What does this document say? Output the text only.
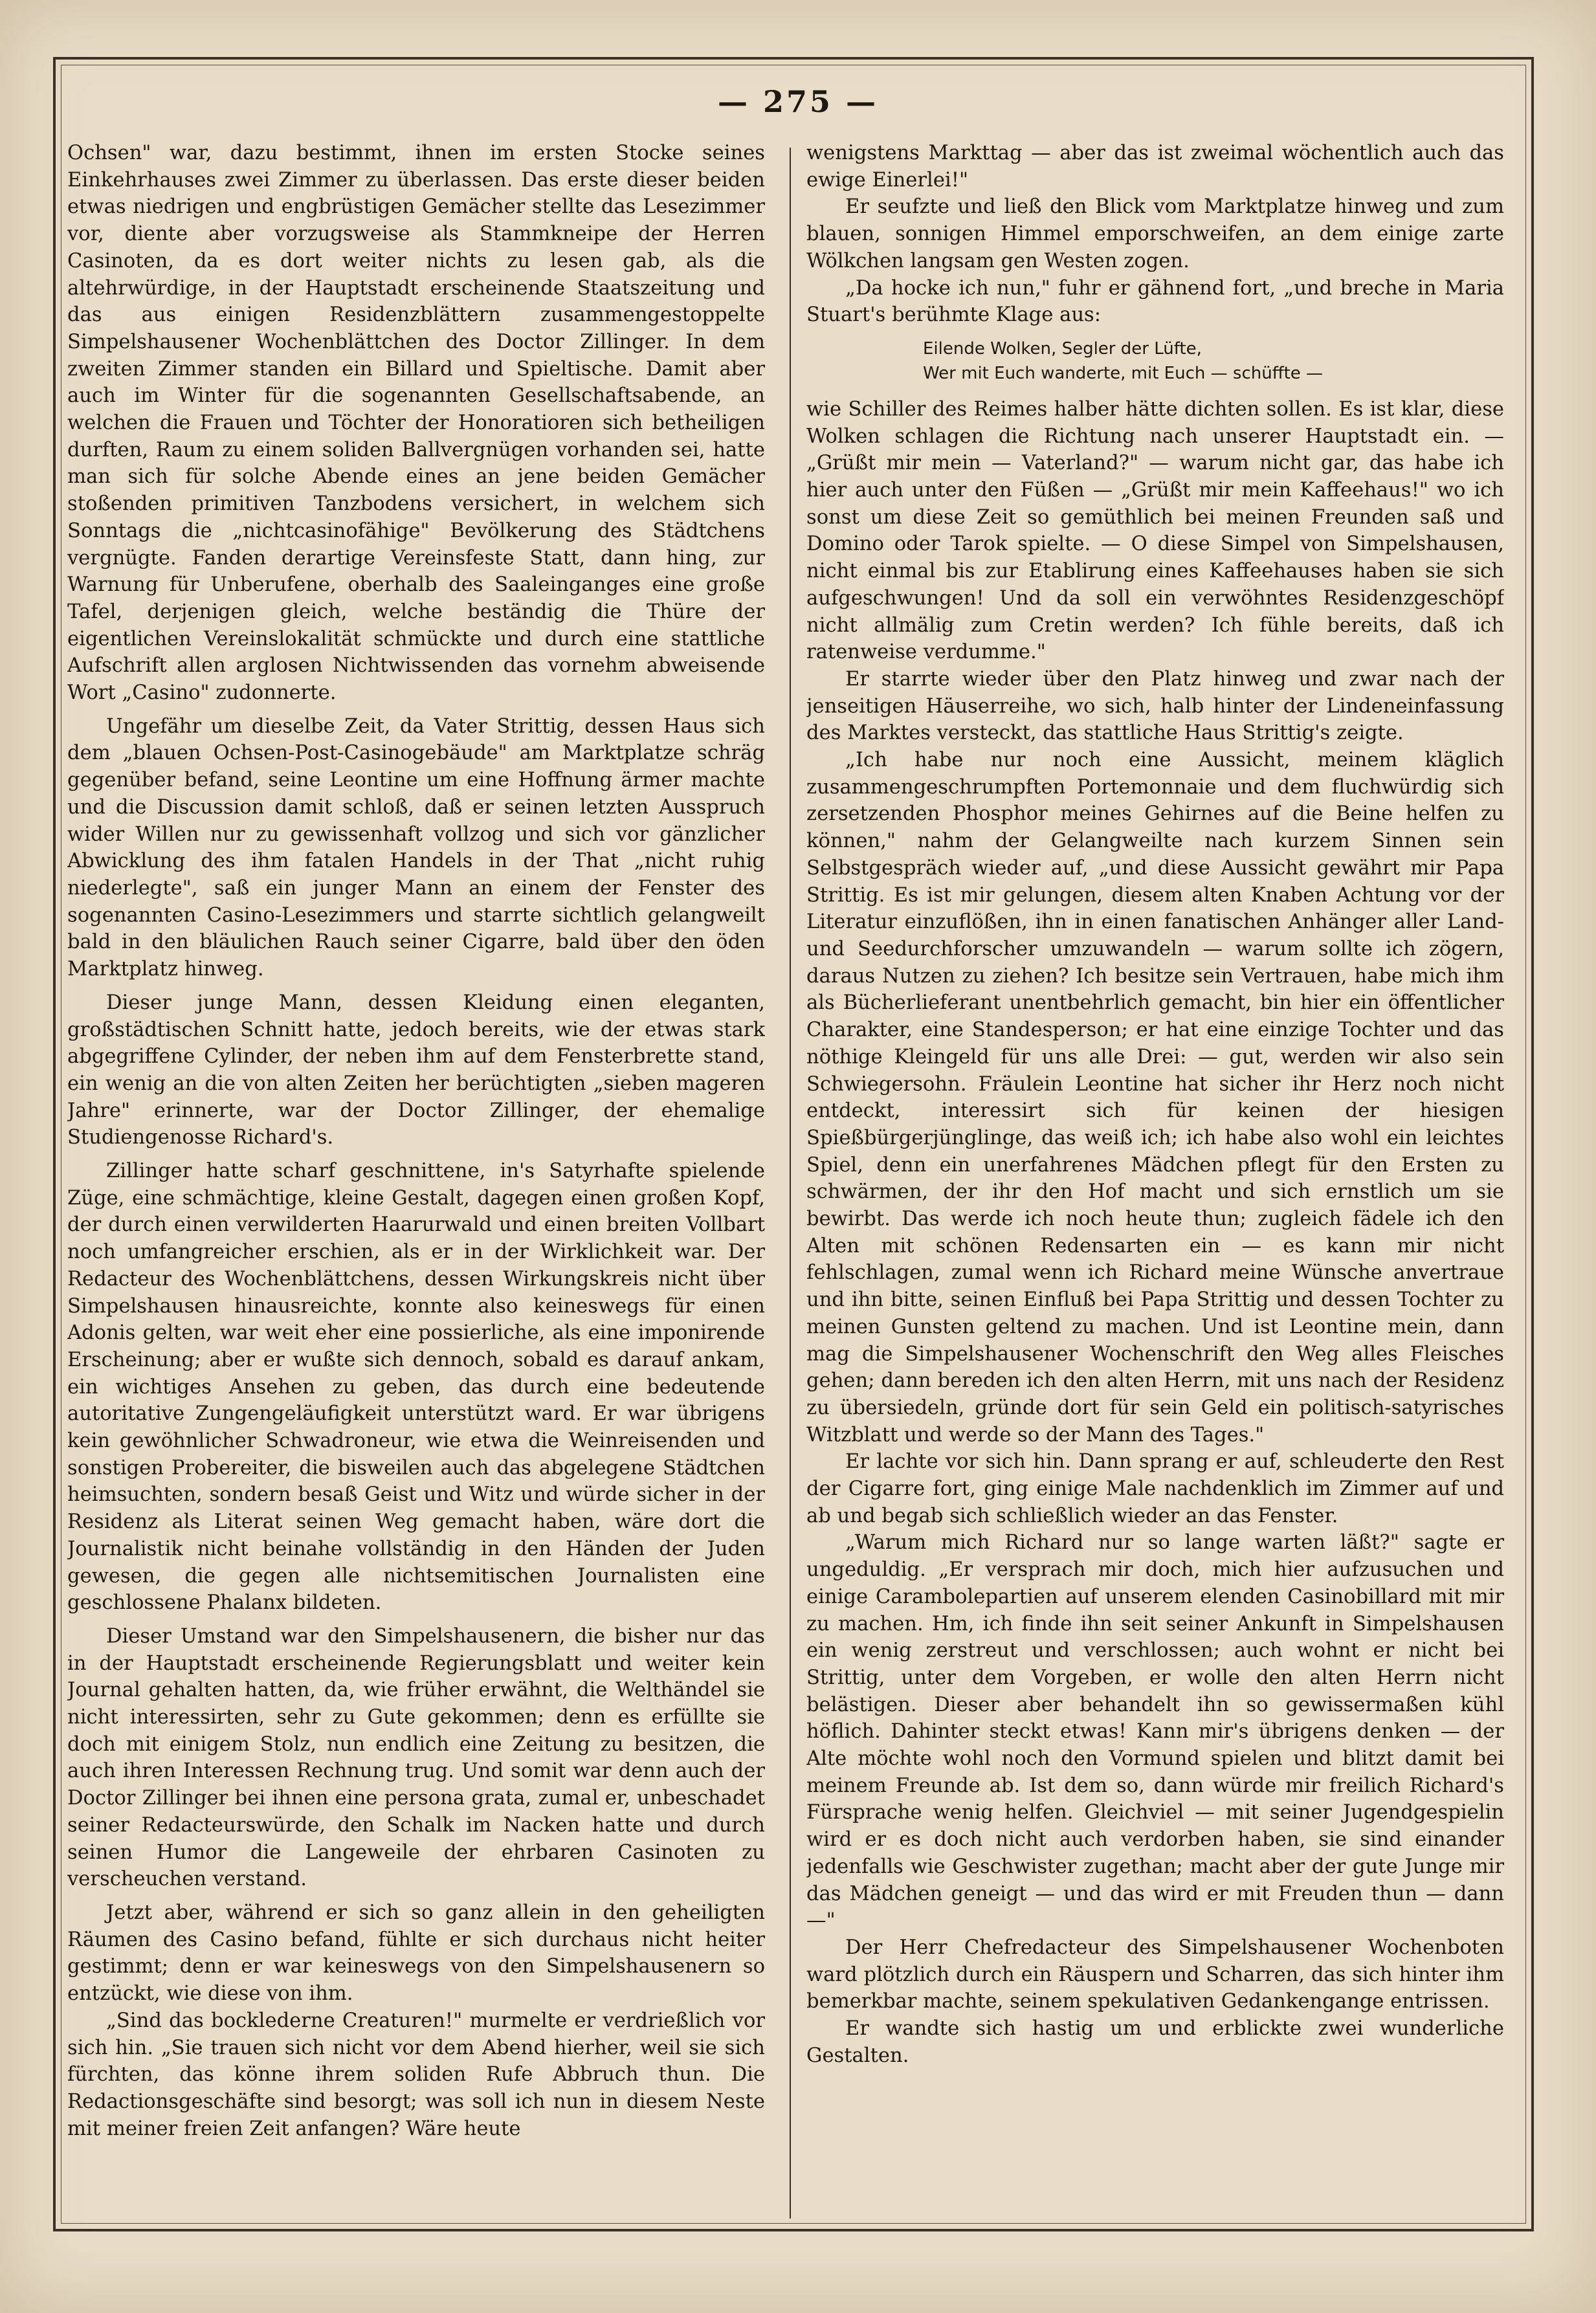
— 275 —

Ochsen" war, dazu bestimmt, ihnen im ersten Stocke seines Einkehrhauses zwei Zimmer zu überlassen. Das erste dieser beiden etwas niedrigen und engbrüstigen Gemächer stellte das Lesezimmer vor, diente aber vorzugsweise als Stammkneipe der Herren Casinoten, da es dort weiter nichts zu lesen gab, als die altehrwürdige, in der Hauptstadt erscheinende Staatszeitung und das aus einigen Residenzblättern zusammengestoppelte Simpelshausener Wochenblättchen des Doctor Zillinger. In dem zweiten Zimmer standen ein Billard und Spieltische. Damit aber auch im Winter für die sogenannten Gesellschaftsabende, an welchen die Frauen und Töchter der Honoratioren sich betheiligen durften, Raum zu einem soliden Ballvergnügen vorhanden sei, hatte man sich für solche Abende eines an jene beiden Gemächer stoßenden primitiven Tanzbodens versichert, in welchem sich Sonntags die „nichtcasinofähige" Bevölkerung des Städtchens vergnügte. Fanden derartige Vereinsfeste Statt, dann hing, zur Warnung für Unberufene, oberhalb des Saaleinganges eine große Tafel, derjenigen gleich, welche beständig die Thüre der eigentlichen Vereinslokalität schmückte und durch eine stattliche Aufschrift allen arglosen Nichtwissenden das vornehm abweisende Wort „Casino" zudonnerte.

Ungefähr um dieselbe Zeit, da Vater Strittig, dessen Haus sich dem „blauen Ochsen-Post-Casinogebäude" am Marktplatze schräg gegenüber befand, seine Leontine um eine Hoffnung ärmer machte und die Discussion damit schloß, daß er seinen letzten Ausspruch wider Willen nur zu gewissenhaft vollzog und sich vor gänzlicher Abwicklung des ihm fatalen Handels in der That „nicht ruhig niederlegte", saß ein junger Mann an einem der Fenster des sogenannten Casino-Lesezimmers und starrte sichtlich gelangweilt bald in den bläulichen Rauch seiner Cigarre, bald über den öden Marktplatz hinweg.

Dieser junge Mann, dessen Kleidung einen eleganten, großstädtischen Schnitt hatte, jedoch bereits, wie der etwas stark abgegriffene Cylinder, der neben ihm auf dem Fensterbrette stand, ein wenig an die von alten Zeiten her berüchtigten „sieben mageren Jahre" erinnerte, war der Doctor Zillinger, der ehemalige Studiengenosse Richard's.

Zillinger hatte scharf geschnittene, in's Satyrhafte spielende Züge, eine schmächtige, kleine Gestalt, dagegen einen großen Kopf, der durch einen verwilderten Haarurwald und einen breiten Vollbart noch umfangreicher erschien, als er in der Wirklichkeit war. Der Redacteur des Wochenblättchens, dessen Wirkungskreis nicht über Simpelshausen hinausreichte, konnte also keineswegs für einen Adonis gelten, war weit eher eine possierliche, als eine imponirende Erscheinung; aber er wußte sich dennoch, sobald es darauf ankam, ein wichtiges Ansehen zu geben, das durch eine bedeutende autoritative Zungengeläufigkeit unterstützt ward. Er war übrigens kein gewöhnlicher Schwadroneur, wie etwa die Weinreisenden und sonstigen Probereiter, die bisweilen auch das abgelegene Städtchen heimsuchten, sondern besaß Geist und Witz und würde sicher in der Residenz als Literat seinen Weg gemacht haben, wäre dort die Journalistik nicht beinahe vollständig in den Händen der Juden gewesen, die gegen alle nichtsemitischen Journalisten eine geschlossene Phalanx bildeten.

Dieser Umstand war den Simpelshausenern, die bisher nur das in der Hauptstadt erscheinende Regierungsblatt und weiter kein Journal gehalten hatten, da, wie früher erwähnt, die Welthändel sie nicht interessirten, sehr zu Gute gekommen; denn es erfüllte sie doch mit einigem Stolz, nun endlich eine Zeitung zu besitzen, die auch ihren Interessen Rechnung trug. Und somit war denn auch der Doctor Zillinger bei ihnen eine persona grata, zumal er, unbeschadet seiner Redacteurswürde, den Schalk im Nacken hatte und durch seinen Humor die Langeweile der ehrbaren Casinoten zu verscheuchen verstand.

Jetzt aber, während er sich so ganz allein in den geheiligten Räumen des Casino befand, fühlte er sich durchaus nicht heiter gestimmt; denn er war keineswegs von den Simpelshausenern so entzückt, wie diese von ihm.

„Sind das bocklederne Creaturen!" murmelte er verdrießlich vor sich hin. „Sie trauen sich nicht vor dem Abend hierher, weil sie sich fürchten, das könne ihrem soliden Rufe Abbruch thun. Die Redactionsgeschäfte sind besorgt; was soll ich nun in diesem Neste mit meiner freien Zeit anfangen? Wäre heute

wenigstens Markttag — aber das ist zweimal wöchentlich auch das ewige Einerlei!"

Er seufzte und ließ den Blick vom Marktplatze hinweg und zum blauen, sonnigen Himmel emporschweifen, an dem einige zarte Wölkchen langsam gen Westen zogen.

„Da hocke ich nun," fuhr er gähnend fort, „und breche in Maria Stuart's berühmte Klage aus:

Eilende Wolken, Segler der Lüfte,
Wer mit Euch wanderte, mit Euch — schüffte —

wie Schiller des Reimes halber hätte dichten sollen. Es ist klar, diese Wolken schlagen die Richtung nach unserer Hauptstadt ein. — „Grüßt mir mein — Vaterland?" — warum nicht gar, das habe ich hier auch unter den Füßen — „Grüßt mir mein Kaffeehaus!" wo ich sonst um diese Zeit so gemüthlich bei meinen Freunden saß und Domino oder Tarok spielte. — O diese Simpel von Simpelshausen, nicht einmal bis zur Etablirung eines Kaffeehauses haben sie sich aufgeschwungen! Und da soll ein verwöhntes Residenzgeschöpf nicht allmälig zum Cretin werden? Ich fühle bereits, daß ich ratenweise verdumme."

Er starrte wieder über den Platz hinweg und zwar nach der jenseitigen Häuserreihe, wo sich, halb hinter der Lindeneinfassung des Marktes versteckt, das stattliche Haus Strittig's zeigte.

„Ich habe nur noch eine Aussicht, meinem kläglich zusammengeschrumpften Portemonnaie und dem fluchwürdig sich zersetzenden Phosphor meines Gehirnes auf die Beine helfen zu können," nahm der Gelangweilte nach kurzem Sinnen sein Selbstgespräch wieder auf, „und diese Aussicht gewährt mir Papa Strittig. Es ist mir gelungen, diesem alten Knaben Achtung vor der Literatur einzuflößen, ihn in einen fanatischen Anhänger aller Land- und Seedurchforscher umzuwandeln — warum sollte ich zögern, daraus Nutzen zu ziehen? Ich besitze sein Vertrauen, habe mich ihm als Bücherlieferant unentbehrlich gemacht, bin hier ein öffentlicher Charakter, eine Standesperson; er hat eine einzige Tochter und das nöthige Kleingeld für uns alle Drei: — gut, werden wir also sein Schwiegersohn. Fräulein Leontine hat sicher ihr Herz noch nicht entdeckt, interessirt sich für keinen der hiesigen Spießbürgerjünglinge, das weiß ich; ich habe also wohl ein leichtes Spiel, denn ein unerfahrenes Mädchen pflegt für den Ersten zu schwärmen, der ihr den Hof macht und sich ernstlich um sie bewirbt. Das werde ich noch heute thun; zugleich fädele ich den Alten mit schönen Redensarten ein — es kann mir nicht fehlschlagen, zumal wenn ich Richard meine Wünsche anvertraue und ihn bitte, seinen Einfluß bei Papa Strittig und dessen Tochter zu meinen Gunsten geltend zu machen. Und ist Leontine mein, dann mag die Simpelshausener Wochenschrift den Weg alles Fleisches gehen; dann bereden ich den alten Herrn, mit uns nach der Residenz zu übersiedeln, gründe dort für sein Geld ein politisch-satyrisches Witzblatt und werde so der Mann des Tages."

Er lachte vor sich hin. Dann sprang er auf, schleuderte den Rest der Cigarre fort, ging einige Male nachdenklich im Zimmer auf und ab und begab sich schließlich wieder an das Fenster.

„Warum mich Richard nur so lange warten läßt?" sagte er ungeduldig. „Er versprach mir doch, mich hier aufzusuchen und einige Carambolepartien auf unserem elenden Casinobillard mit mir zu machen. Hm, ich finde ihn seit seiner Ankunft in Simpelshausen ein wenig zerstreut und verschlossen; auch wohnt er nicht bei Strittig, unter dem Vorgeben, er wolle den alten Herrn nicht belästigen. Dieser aber behandelt ihn so gewissermaßen kühl höflich. Dahinter steckt etwas! Kann mir's übrigens denken — der Alte möchte wohl noch den Vormund spielen und blitzt damit bei meinem Freunde ab. Ist dem so, dann würde mir freilich Richard's Fürsprache wenig helfen. Gleichviel — mit seiner Jugendgespielin wird er es doch nicht auch verdorben haben, sie sind einander jedenfalls wie Geschwister zugethan; macht aber der gute Junge mir das Mädchen geneigt — und das wird er mit Freuden thun — dann —"

Der Herr Chefredacteur des Simpelshausener Wochenboten ward plötzlich durch ein Räuspern und Scharren, das sich hinter ihm bemerkbar machte, seinem spekulativen Gedankengange entrissen.

Er wandte sich hastig um und erblickte zwei wunderliche Gestalten.
